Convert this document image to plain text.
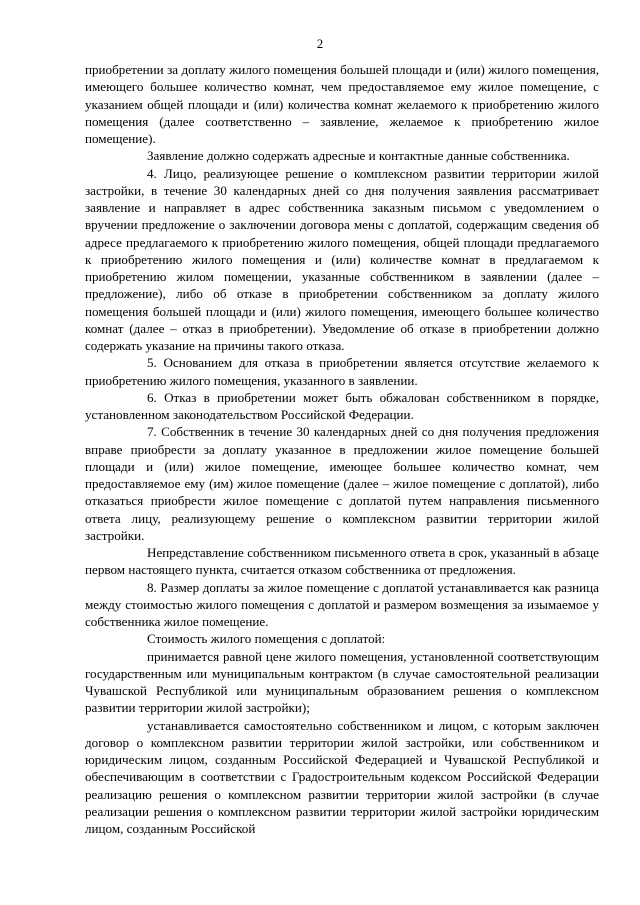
2

приобретении за доплату жилого помещения большей площади и (или) жилого помещения, имеющего большее количество комнат, чем предоставляемое ему жилое помещение, с указанием общей площади и (или) количества комнат желаемого к приобретению жилого помещения (далее соответственно – заявление, желаемое к приобретению жилое помещение).

Заявление должно содержать адресные и контактные данные собственника.

4. Лицо, реализующее решение о комплексном развитии территории жилой застройки, в течение 30 календарных дней со дня получения заявления рассматривает заявление и направляет в адрес собственника заказным письмом с уведомлением о вручении предложение о заключении договора мены с доплатой, содержащим сведения об адресе предлагаемого к приобретению жилого помещения, общей площади предлагаемого к приобретению жилого помещения и (или) количестве комнат в предлагаемом к приобретению жилом помещении, указанные собственником в заявлении (далее – предложение), либо об отказе в приобретении собственником за доплату жилого помещения большей площади и (или) жилого помещения, имеющего большее количество комнат (далее – отказ в приобретении). Уведомление об отказе в приобретении должно содержать указание на причины такого отказа.

5. Основанием для отказа в приобретении является отсутствие желаемого к приобретению жилого помещения, указанного в заявлении.

6. Отказ в приобретении может быть обжалован собственником в порядке, установленном законодательством Российской Федерации.

7. Собственник в течение 30 календарных дней со дня получения предложения вправе приобрести за доплату указанное в предложении жилое помещение большей площади и (или) жилое помещение, имеющее большее количество комнат, чем предоставляемое ему (им) жилое помещение (далее – жилое помещение с доплатой), либо отказаться приобрести жилое помещение с доплатой путем направления письменного ответа лицу, реализующему решение о комплексном развитии территории жилой застройки.

Непредставление собственником письменного ответа в срок, указанный в абзаце первом настоящего пункта, считается отказом собственника от предложения.

8. Размер доплаты за жилое помещение с доплатой устанавливается как разница между стоимостью жилого помещения с доплатой и размером возмещения за изымаемое у собственника жилое помещение.

Стоимость жилого помещения с доплатой:

принимается равной цене жилого помещения, установленной соответствующим государственным или муниципальным контрактом (в случае самостоятельной реализации Чувашской Республикой или муниципальным образованием решения о комплексном развитии территории жилой застройки);

устанавливается самостоятельно собственником и лицом, с которым заключен договор о комплексном развитии территории жилой застройки, или собственником и юридическим лицом, созданным Российской Федерацией и Чувашской Республикой и обеспечивающим в соответствии с Градостроительным кодексом Российской Федерации реализацию решения о комплексном развитии территории жилой застройки (в случае реализации решения о комплексном развитии территории жилой застройки юридическим лицом, созданным Российской
